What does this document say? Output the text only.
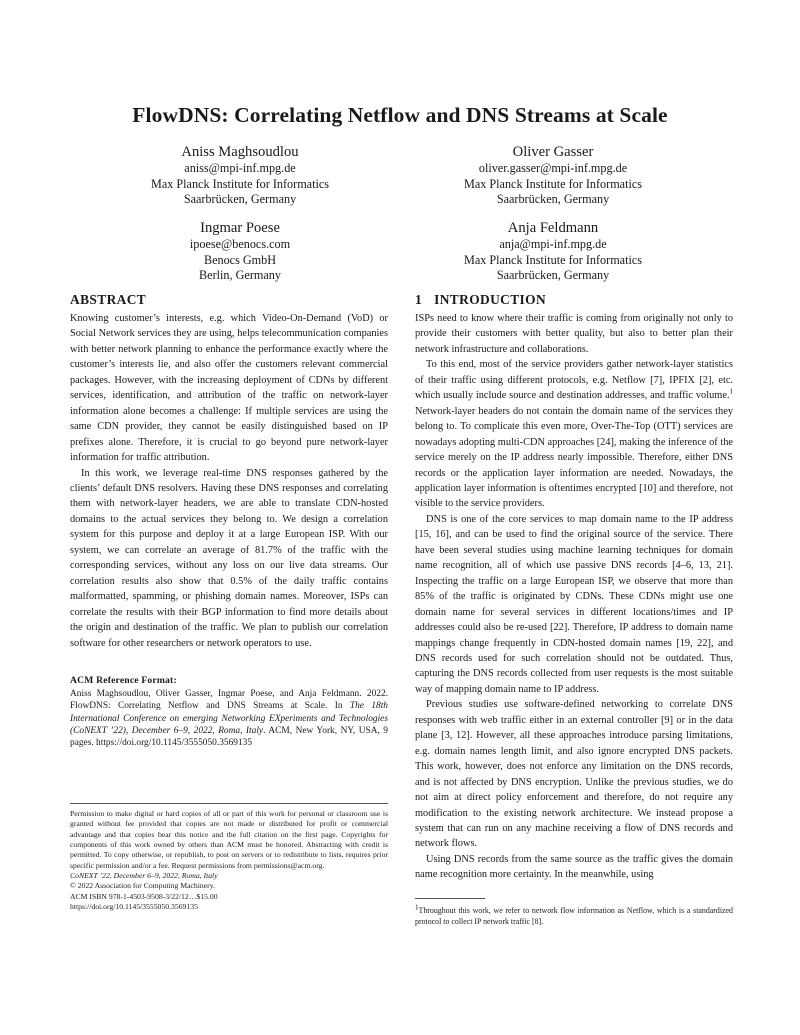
FlowDNS: Correlating Netflow and DNS Streams at Scale
Aniss Maghsoudlou
aniss@mpi-inf.mpg.de
Max Planck Institute for Informatics
Saarbrücken, Germany
Oliver Gasser
oliver.gasser@mpi-inf.mpg.de
Max Planck Institute for Informatics
Saarbrücken, Germany
Ingmar Poese
ipoese@benocs.com
Benocs GmbH
Berlin, Germany
Anja Feldmann
anja@mpi-inf.mpg.de
Max Planck Institute for Informatics
Saarbrücken, Germany
ABSTRACT

Knowing customer’s interests, e.g. which Video-On-Demand (VoD) or Social Network services they are using, helps telecommunication companies with better network planning to enhance the performance exactly where the customer’s interests lie, and also offer the customers relevant commercial packages. However, with the increasing deployment of CDNs by different services, identification, and attribution of the traffic on network-layer information alone becomes a challenge: If multiple services are using the same CDN provider, they cannot be easily distinguished based on IP prefixes alone. Therefore, it is crucial to go beyond pure network-layer information for traffic attribution.

In this work, we leverage real-time DNS responses gathered by the clients’ default DNS resolvers. Having these DNS responses and correlating them with network-layer headers, we are able to translate CDN-hosted domains to the actual services they belong to. We design a correlation system for this purpose and deploy it at a large European ISP. With our system, we can correlate an average of 81.7% of the traffic with the corresponding services, without any loss on our live data streams. Our correlation results also show that 0.5% of the daily traffic contains malformatted, spamming, or phishing domain names. Moreover, ISPs can correlate the results with their BGP information to find more details about the origin and destination of the traffic. We plan to publish our correlation software for other researchers or network operators to use.

ACM Reference Format:

Aniss Maghsoudlou, Oliver Gasser, Ingmar Poese, and Anja Feldmann. 2022. FlowDNS: Correlating Netflow and DNS Streams at Scale. In The 18th International Conference on emerging Networking EXperiments and Technologies (CoNEXT ’22), December 6–9, 2022, Roma, Italy. ACM, New York, NY, USA, 9 pages. https://doi.org/10.1145/3555050.3569135

Permission to make digital or hard copies of all or part of this work for personal or classroom use is granted without fee provided that copies are not made or distributed for profit or commercial advantage and that copies bear this notice and the full citation on the first page. Copyrights for components of this work owned by others than ACM must be honored. Abstracting with credit is permitted. To copy otherwise, or republish, to post on servers or to redistribute to lists, requires prior specific permission and/or a fee. Request permissions from permissions@acm.org.

CoNEXT ’22, December 6–9, 2022, Roma, Italy

© 2022 Association for Computing Machinery.

ACM ISBN 978-1-4503-9508-3/22/12…$15.00

https://doi.org/10.1145/3555050.3569135

1 INTRODUCTION

ISPs need to know where their traffic is coming from originally not only to provide their customers with better quality, but also to better plan their network infrastructure and collaborations.

To this end, most of the service providers gather network-layer statistics of their traffic using different protocols, e.g. Netflow [7], IPFIX [2], etc. which usually include source and destination addresses, and traffic volume.$^1$ Network-layer headers do not contain the domain name of the services they belong to. To complicate this even more, Over-The-Top (OTT) services are nowadays adopting multi-CDN approaches [24], making the inference of the service merely on the IP address nearly impossible. Therefore, either DNS records or the application layer information are needed. Nowadays, the application layer information is oftentimes encrypted [10] and therefore, not visible to the service providers.

DNS is one of the core services to map domain name to the IP address [15, 16], and can be used to find the original source of the service. There have been several studies using machine learning techniques for domain name recognition, all of which use passive DNS records [4–6, 13, 21]. Inspecting the traffic on a large European ISP, we observe that more than 85% of the traffic is originated by CDNs. These CDNs might use one domain name for several services in different locations/times and IP addresses could also be re-used [22]. Therefore, IP address to domain name mappings change frequently in CDN-hosted domain names [19, 22], and DNS records used for such correlation should not be outdated. Thus, capturing the DNS records collected from user requests is the most suitable way of mapping domain name to IP address.

Previous studies use software-defined networking to correlate DNS responses with web traffic either in an external controller [9] or in the data plane [3, 12]. However, all these approaches introduce parsing limitations, e.g. domain names length limit, and also ignore encrypted DNS packets. This work, however, does not enforce any limitation on the DNS records, and is not affected by DNS encryption. Unlike the previous studies, we do not aim at direct policy enforcement and therefore, do not require any modification to the existing network architecture. We instead propose a system that can run on any machine receiving a flow of DNS records and network flows.

Using DNS records from the same source as the traffic gives the domain name recognition more certainty. In the meanwhile, using

$^1$Throughout this work, we refer to network flow information as Netflow, which is a standardized protocol to collect IP network traffic [8].
